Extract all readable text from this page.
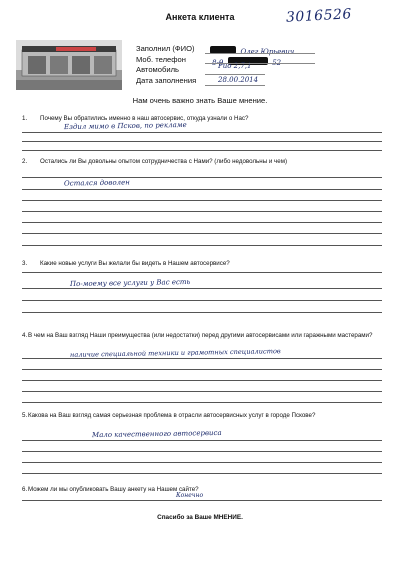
Анкета клиента	3016526
Заполнил (ФИО)
Моб. телефон
Автомобиль
Дата заполнения
Олег Юрьевич
8-9	52
Рио 2,7,1
28.00.2014
Нам очень важно знать Ваше мнение.
1. Почему Вы обратились именно в наш автосервис, откуда узнали о Нас?
Ездил мимо в Псков, по рекламе
2. Остались ли Вы довольны опытом сотрудничества с Нами? (либо недовольны и чем)
Остался доволен
3. Какие новые услуги Вы желали бы видеть в Нашем автосервисе?
По-моему все услуги у Вас есть
4.В чем на Ваш взгляд Наши преимущества (или недостатки) перед другими автосервисами или гаражными мастерами?
наличие специальной техники и грамотных специалистов
5.Какова на Ваш взгляд самая серьезная проблема в отрасли автосервисных услуг в городе Пскове?
Мало качественного автосервиса
6.Можем ли мы опубликовать Вашу анкету на Нашем сайте?
Конечно
Спасибо за Ваше МНЕНИЕ.
